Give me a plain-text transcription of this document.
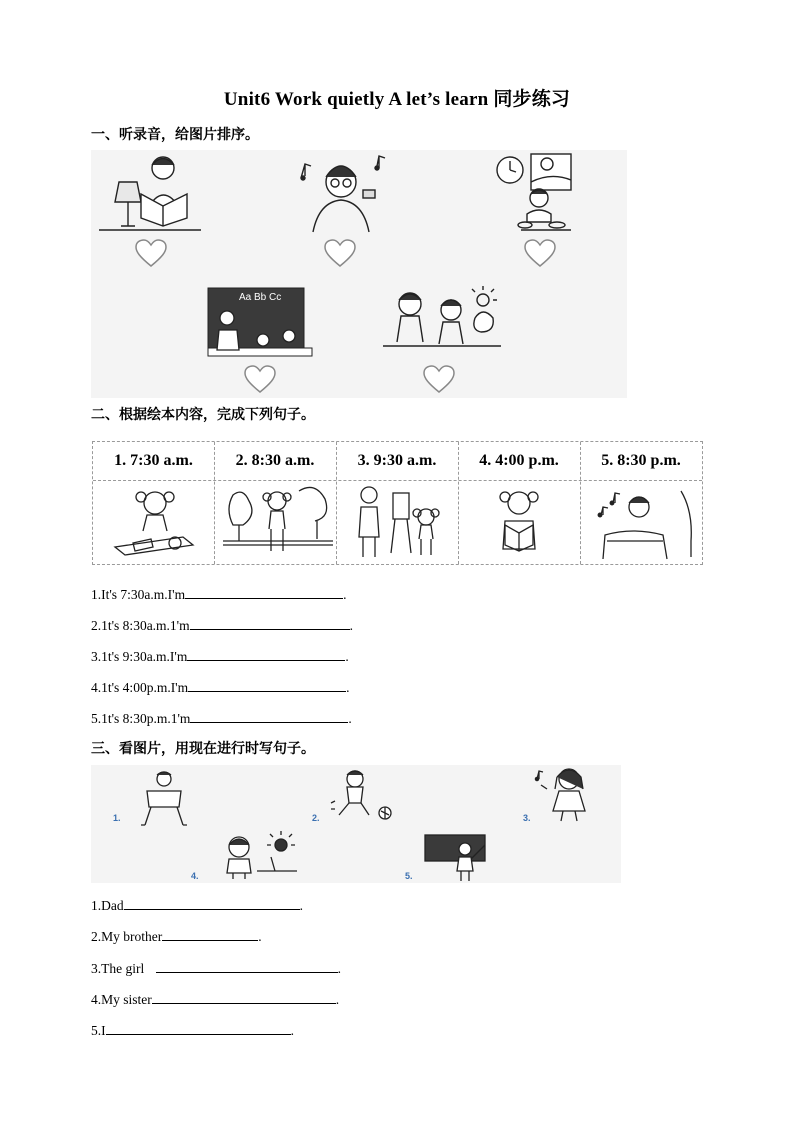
Unit6 Work quietly A let’s learn 同步练习
一、听录音，给图片排序。
Aa Bb Cc
二、根据绘本内容，完成下列句子。
1. 7:30 a.m.	2. 8:30 a.m.	3. 9:30 a.m.	4. 4:00 p.m.	5. 8:30 p.m.
1.It's 7:30a.m.I'm	.
2.1t's 8:30a.m.1'm	.
3.1t's 9:30a.m.I'm	.
4.1t's 4:00p.m.I'm	.
5.1t's 8:30p.m.1'm	.
三、看图片，用现在进行时写句子。
1.	2.	3.
4.	5.
1.Dad	.
2.My brother	.
3.The girl	.
4.My sister	.
5.I	.
